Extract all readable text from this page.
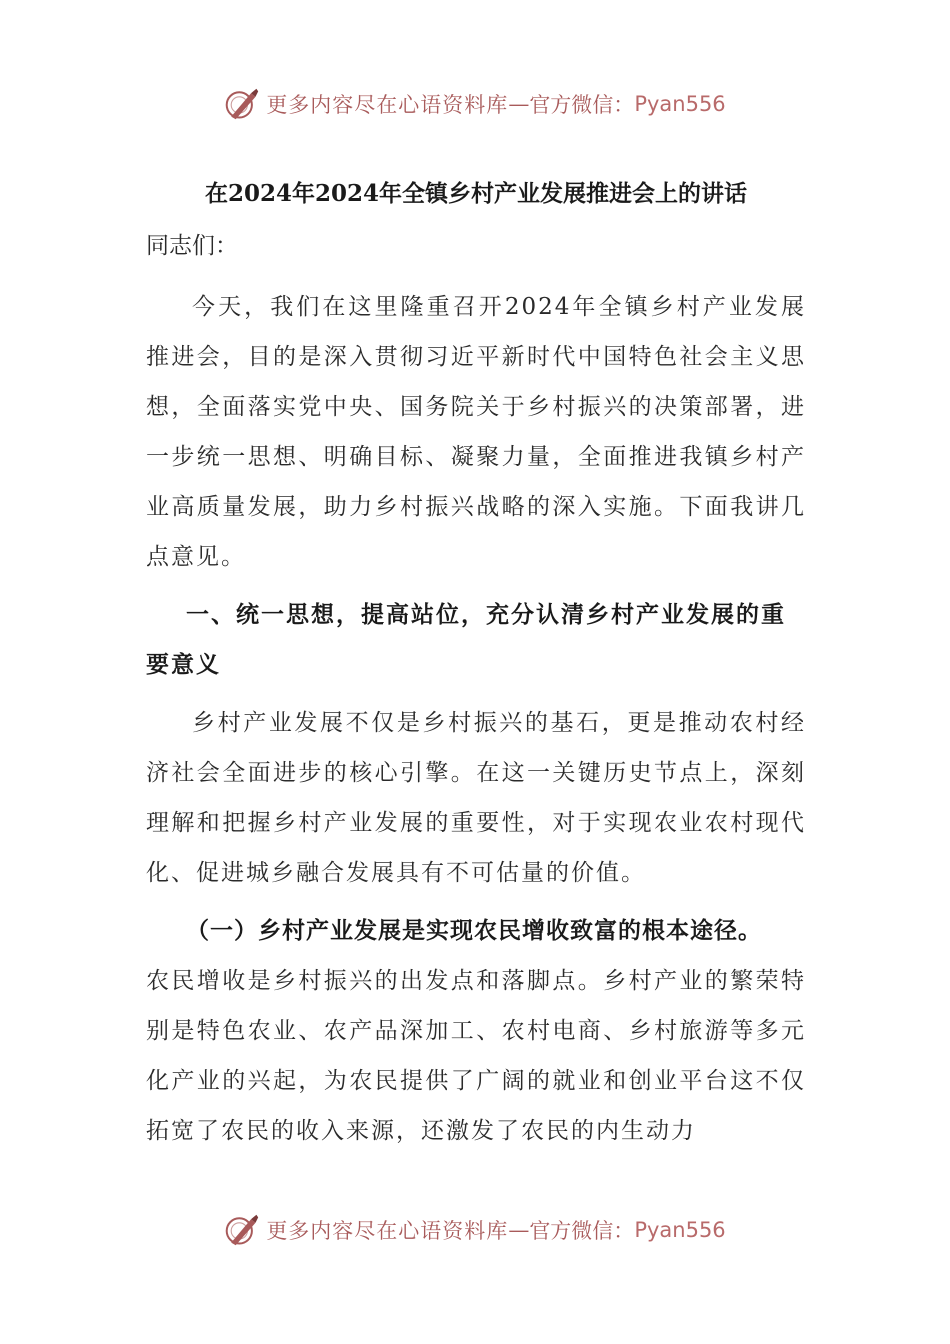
更多内容尽在心语资料库 — 官方微信： Pyan556
在2024年2024年全镇乡村产业发展推进会上的讲话

同志们：

今天，我们在这里隆重召开2024年全镇乡村产业发展推进会，目的是深入贯彻习近平新时代中国特色社会主义思想，全面落实党中央、国务院关于乡村振兴的决策部署，进一步统一思想、明确目标、凝聚力量，全面推进我镇乡村产业高质量发展，助力乡村振兴战略的深入实施。下面我讲几点意见。

一、统一思想，提高站位，充分认清乡村产业发展的重要意义

乡村产业发展不仅是乡村振兴的基石，更是推动农村经济社会全面进步的核心引擎。在这一关键历史节点上，深刻理解和把握乡村产业发展的重要性，对于实现农业农村现代化、促进城乡融合发展具有不可估量的价值。

（一）乡村产业发展是实现农民增收致富的根本途径。

农民增收是乡村振兴的出发点和落脚点。乡村产业的繁荣特别是特色农业、农产品深加工、农村电商、乡村旅游等多元化产业的兴起，为农民提供了广阔的就业和创业平台这不仅拓宽了农民的收入来源，还激发了农民的内生动力

更多内容尽在心语资料库 — 官方微信： Pyan556
